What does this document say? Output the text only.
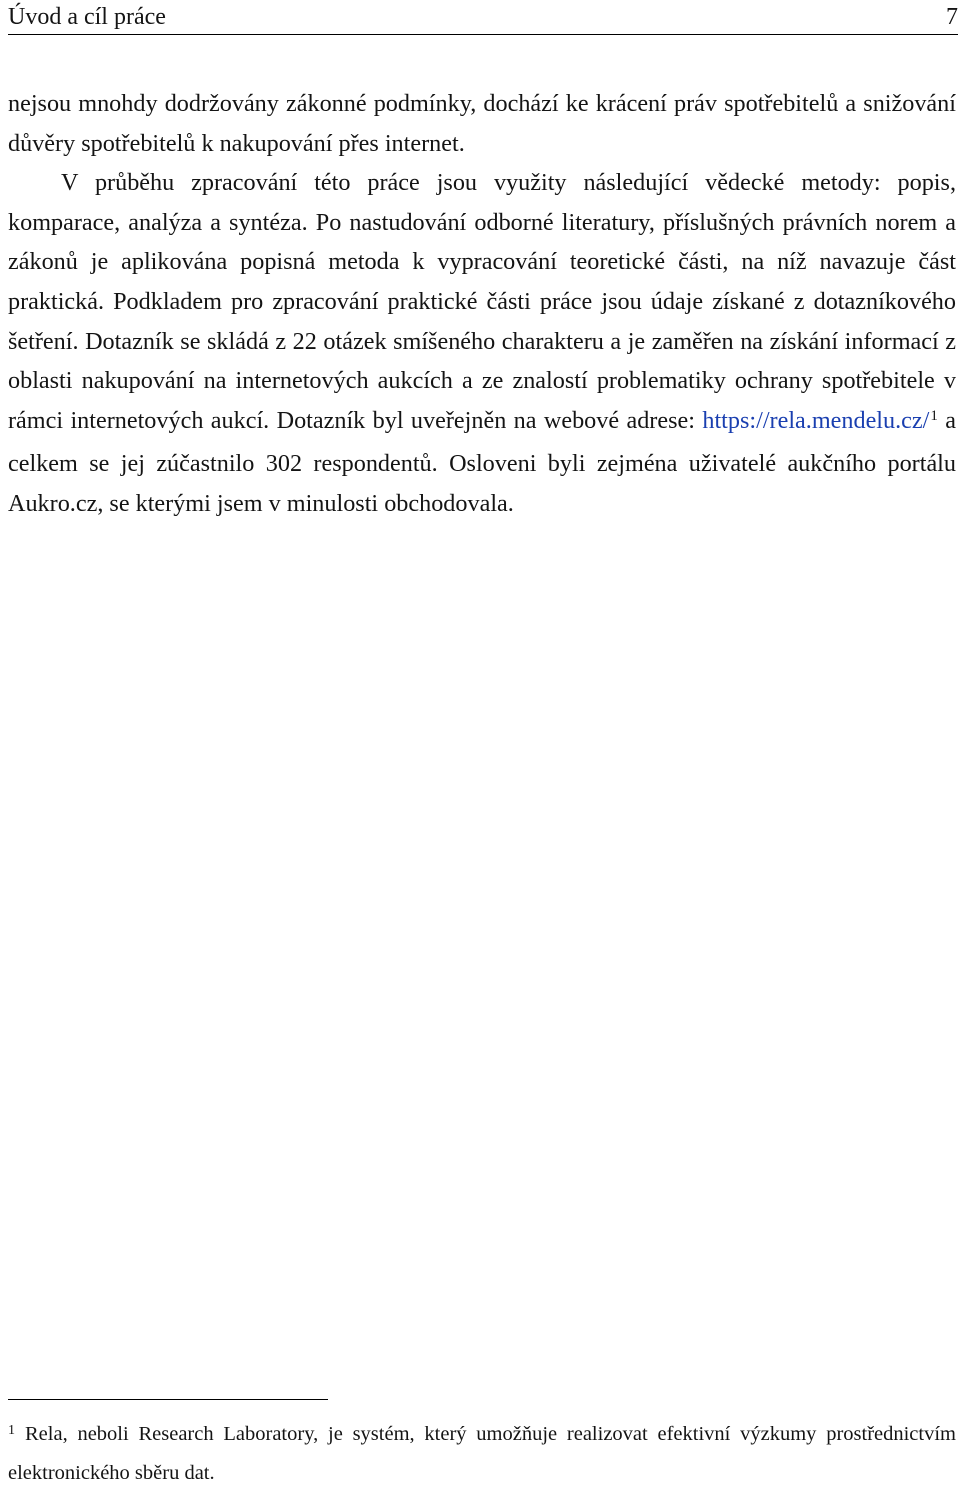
Úvod a cíl práce	7

nejsou mnohdy dodržovány zákonné podmínky, dochází ke krácení práv spotřebitelů a snižování důvěry spotřebitelů k nakupování přes internet.

V průběhu zpracování této práce jsou využity následující vědecké metody: popis, komparace, analýza a syntéza. Po nastudování odborné literatury, příslušných právních norem a zákonů je aplikována popisná metoda k vypracování teoretické části, na níž navazuje část praktická. Podkladem pro zpracování praktické části práce jsou údaje získané z dotazníkového šetření. Dotazník se skládá z 22 otázek smíšeného charakteru a je zaměřen na získání informací z oblasti nakupování na internetových aukcích a ze znalostí problematiky ochrany spotřebitele v rámci internetových aukcí. Dotazník byl uveřejněn na webové adrese: https://rela.mendelu.cz/$^1$ a celkem se jej zúčastnilo 302 respondentů. Osloveni byli zejména uživatelé aukčního portálu Aukro.cz, se kterými jsem v minulosti obchodovala.

$^1$ Rela, neboli Research Laboratory, je systém, který umožňuje realizovat efektivní výzkumy prostřednictvím elektronického sběru dat.
